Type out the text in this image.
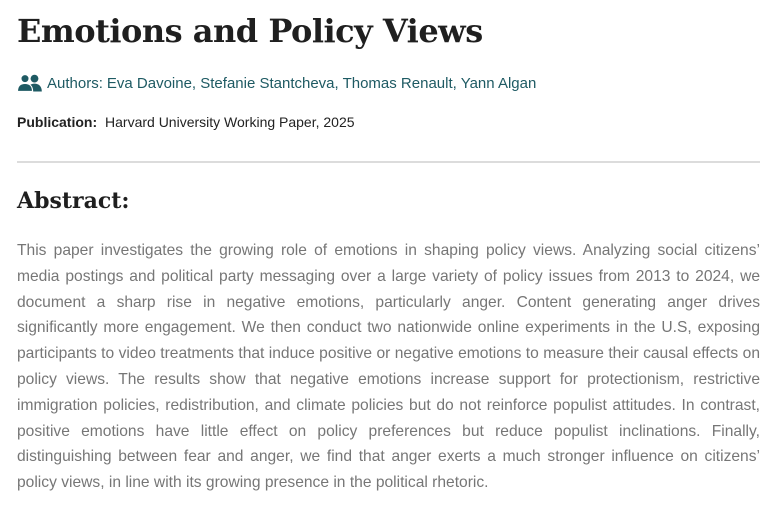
Emotions and Policy Views
Authors: Eva Davoine, Stefanie Stantcheva, Thomas Renault, Yann Algan
Publication: Harvard University Working Paper, 2025
Abstract:

This paper investigates the growing role of emotions in shaping policy views. Analyzing social citizens’ media postings and political party messaging over a large variety of policy issues from 2013 to 2024, we document a sharp rise in negative emotions, particularly anger. Content generating anger drives significantly more engagement. We then conduct two nationwide online experiments in the U.S, exposing participants to video treatments that induce positive or negative emotions to measure their causal effects on policy views. The results show that negative emotions increase support for protectionism, restrictive immigration policies, redistribution, and climate policies but do not reinforce populist attitudes. In contrast, positive emotions have little effect on policy preferences but reduce populist inclinations. Finally, distinguishing between fear and anger, we find that anger exerts a much stronger influence on citizens’ policy views, in line with its growing presence in the political rhetoric.
